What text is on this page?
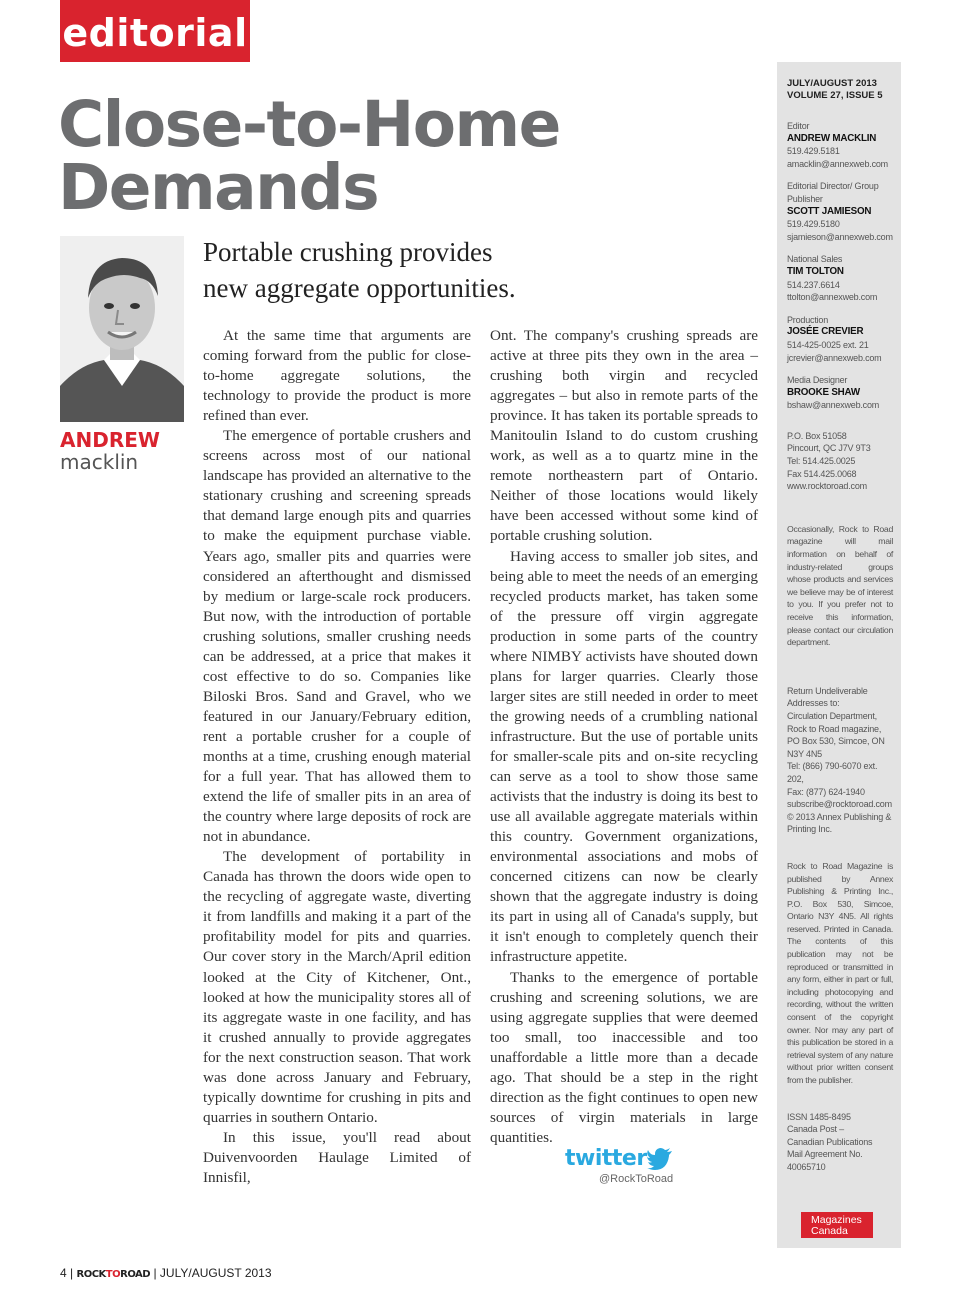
editorial
Close-to-Home
Demands
ANDREW
macklin
Portable crushing provides
new aggregate opportunities.

At the same time that arguments are coming forward from the public for close-to-home aggregate solutions, the technology to provide the product is more refined than ever.

The emergence of portable crushers and screens across most of our national landscape has provided an alternative to the stationary crushing and screening spreads that demand large enough pits and quarries to make the equipment purchase viable. Years ago, smaller pits and quarries were considered an afterthought and dismissed by medium or large-scale rock producers. But now, with the introduction of portable crushing solutions, smaller crushing needs can be addressed, at a price that makes it cost effective to do so. Companies like Biloski Bros. Sand and Gravel, who we featured in our January/February edition, rent a portable crusher for a couple of months at a time, crushing enough material for a full year. That has allowed them to extend the life of smaller pits in an area of the country where large deposits of rock are not in abundance.

The development of portability in Canada has thrown the doors wide open to the recycling of aggregate waste, diverting it from landfills and making it a part of the profitability model for pits and quarries. Our cover story in the March/April edition looked at the City of Kitchener, Ont., looked at how the municipality stores all of its aggregate waste in one facility, and has it crushed annually to provide aggregates for the next construction season. That work was done across January and February, typically downtime for crushing in pits and quarries in southern Ontario.

In this issue, you'll read about Duivenvoorden Haulage Limited of Innisfil,

Ont. The company's crushing spreads are active at three pits they own in the area – crushing both virgin and recycled aggregates – but also in remote parts of the province. It has taken its portable spreads to Manitoulin Island to do custom crushing work, as well as a to quartz mine in the remote northeastern part of Ontario. Neither of those locations would likely have been accessed without some kind of portable crushing solution.

Having access to smaller job sites, and being able to meet the needs of an emerging recycled products market, has taken some of the pressure off virgin aggregate production in some parts of the country where NIMBY activists have shouted down plans for larger quarries. Clearly those larger sites are still needed in order to meet the growing needs of a crumbling national infrastructure. But the use of portable units for smaller-scale pits and on-site recycling can serve as a tool to show those same activists that the industry is doing its best to use all available aggregate materials within this country. Government organizations, environmental associations and mobs of concerned citizens can now be clearly shown that the aggregate industry is doing its part in using all of Canada's supply, but it isn't enough to completely quench their infrastructure appetite.

Thanks to the emergence of portable crushing and screening solutions, we are using aggregate supplies that were deemed too small, too inaccessible and too unaffordable a little more than a decade ago. That should be a step in the right direction as the fight continues to open new sources of virgin materials in large quantities.

twitter
@RockToRoad
JULY/AUGUST 2013
VOLUME 27, ISSUE 5
Editor
ANDREW MACKLIN
519.429.5181
amacklin@annexweb.com
Editorial Director/ Group Publisher
SCOTT JAMIESON
519.429.5180
sjamieson@annexweb.com
National Sales
TIM TOLTON
514.237.6614
ttolton@annexweb.com
Production
JOSÉE CREVIER
514-425-0025 ext. 21
jcrevier@annexweb.com
Media Designer
BROOKE SHAW
bshaw@annexweb.com
P.O. Box 51058
Pincourt, QC J7V 9T3
Tel: 514.425.0025
Fax 514.425.0068
www.rocktoroad.com
Occasionally, Rock to Road magazine will mail information on behalf of industry-related groups whose products and services we believe may be of interest to you. If you prefer not to receive this information, please contact our circulation department.
Return Undeliverable
Addresses to:
Circulation Department,
Rock to Road magazine,
PO Box 530, Simcoe, ON
N3Y 4N5
Tel: (866) 790-6070 ext. 202,
Fax: (877) 624-1940
subscribe@rocktoroad.com
© 2013 Annex Publishing &
Printing Inc.
Rock to Road Magazine is published by Annex Publishing & Printing Inc., P.O. Box 530, Simcoe, Ontario N3Y 4N5. All rights reserved. Printed in Canada. The contents of this publication may not be reproduced or transmitted in any form, either in part or full, including photocopying and recording, without the written consent of the copyright owner. Nor may any part of this publication be stored in a retrieval system of any nature without prior written consent from the publisher.
ISSN 1485-8495
Canada Post –
Canadian Publications
Mail Agreement No. 40065710
Magazines
Canada
4 | ROCKTOROAD | JULY/AUGUST 2013
